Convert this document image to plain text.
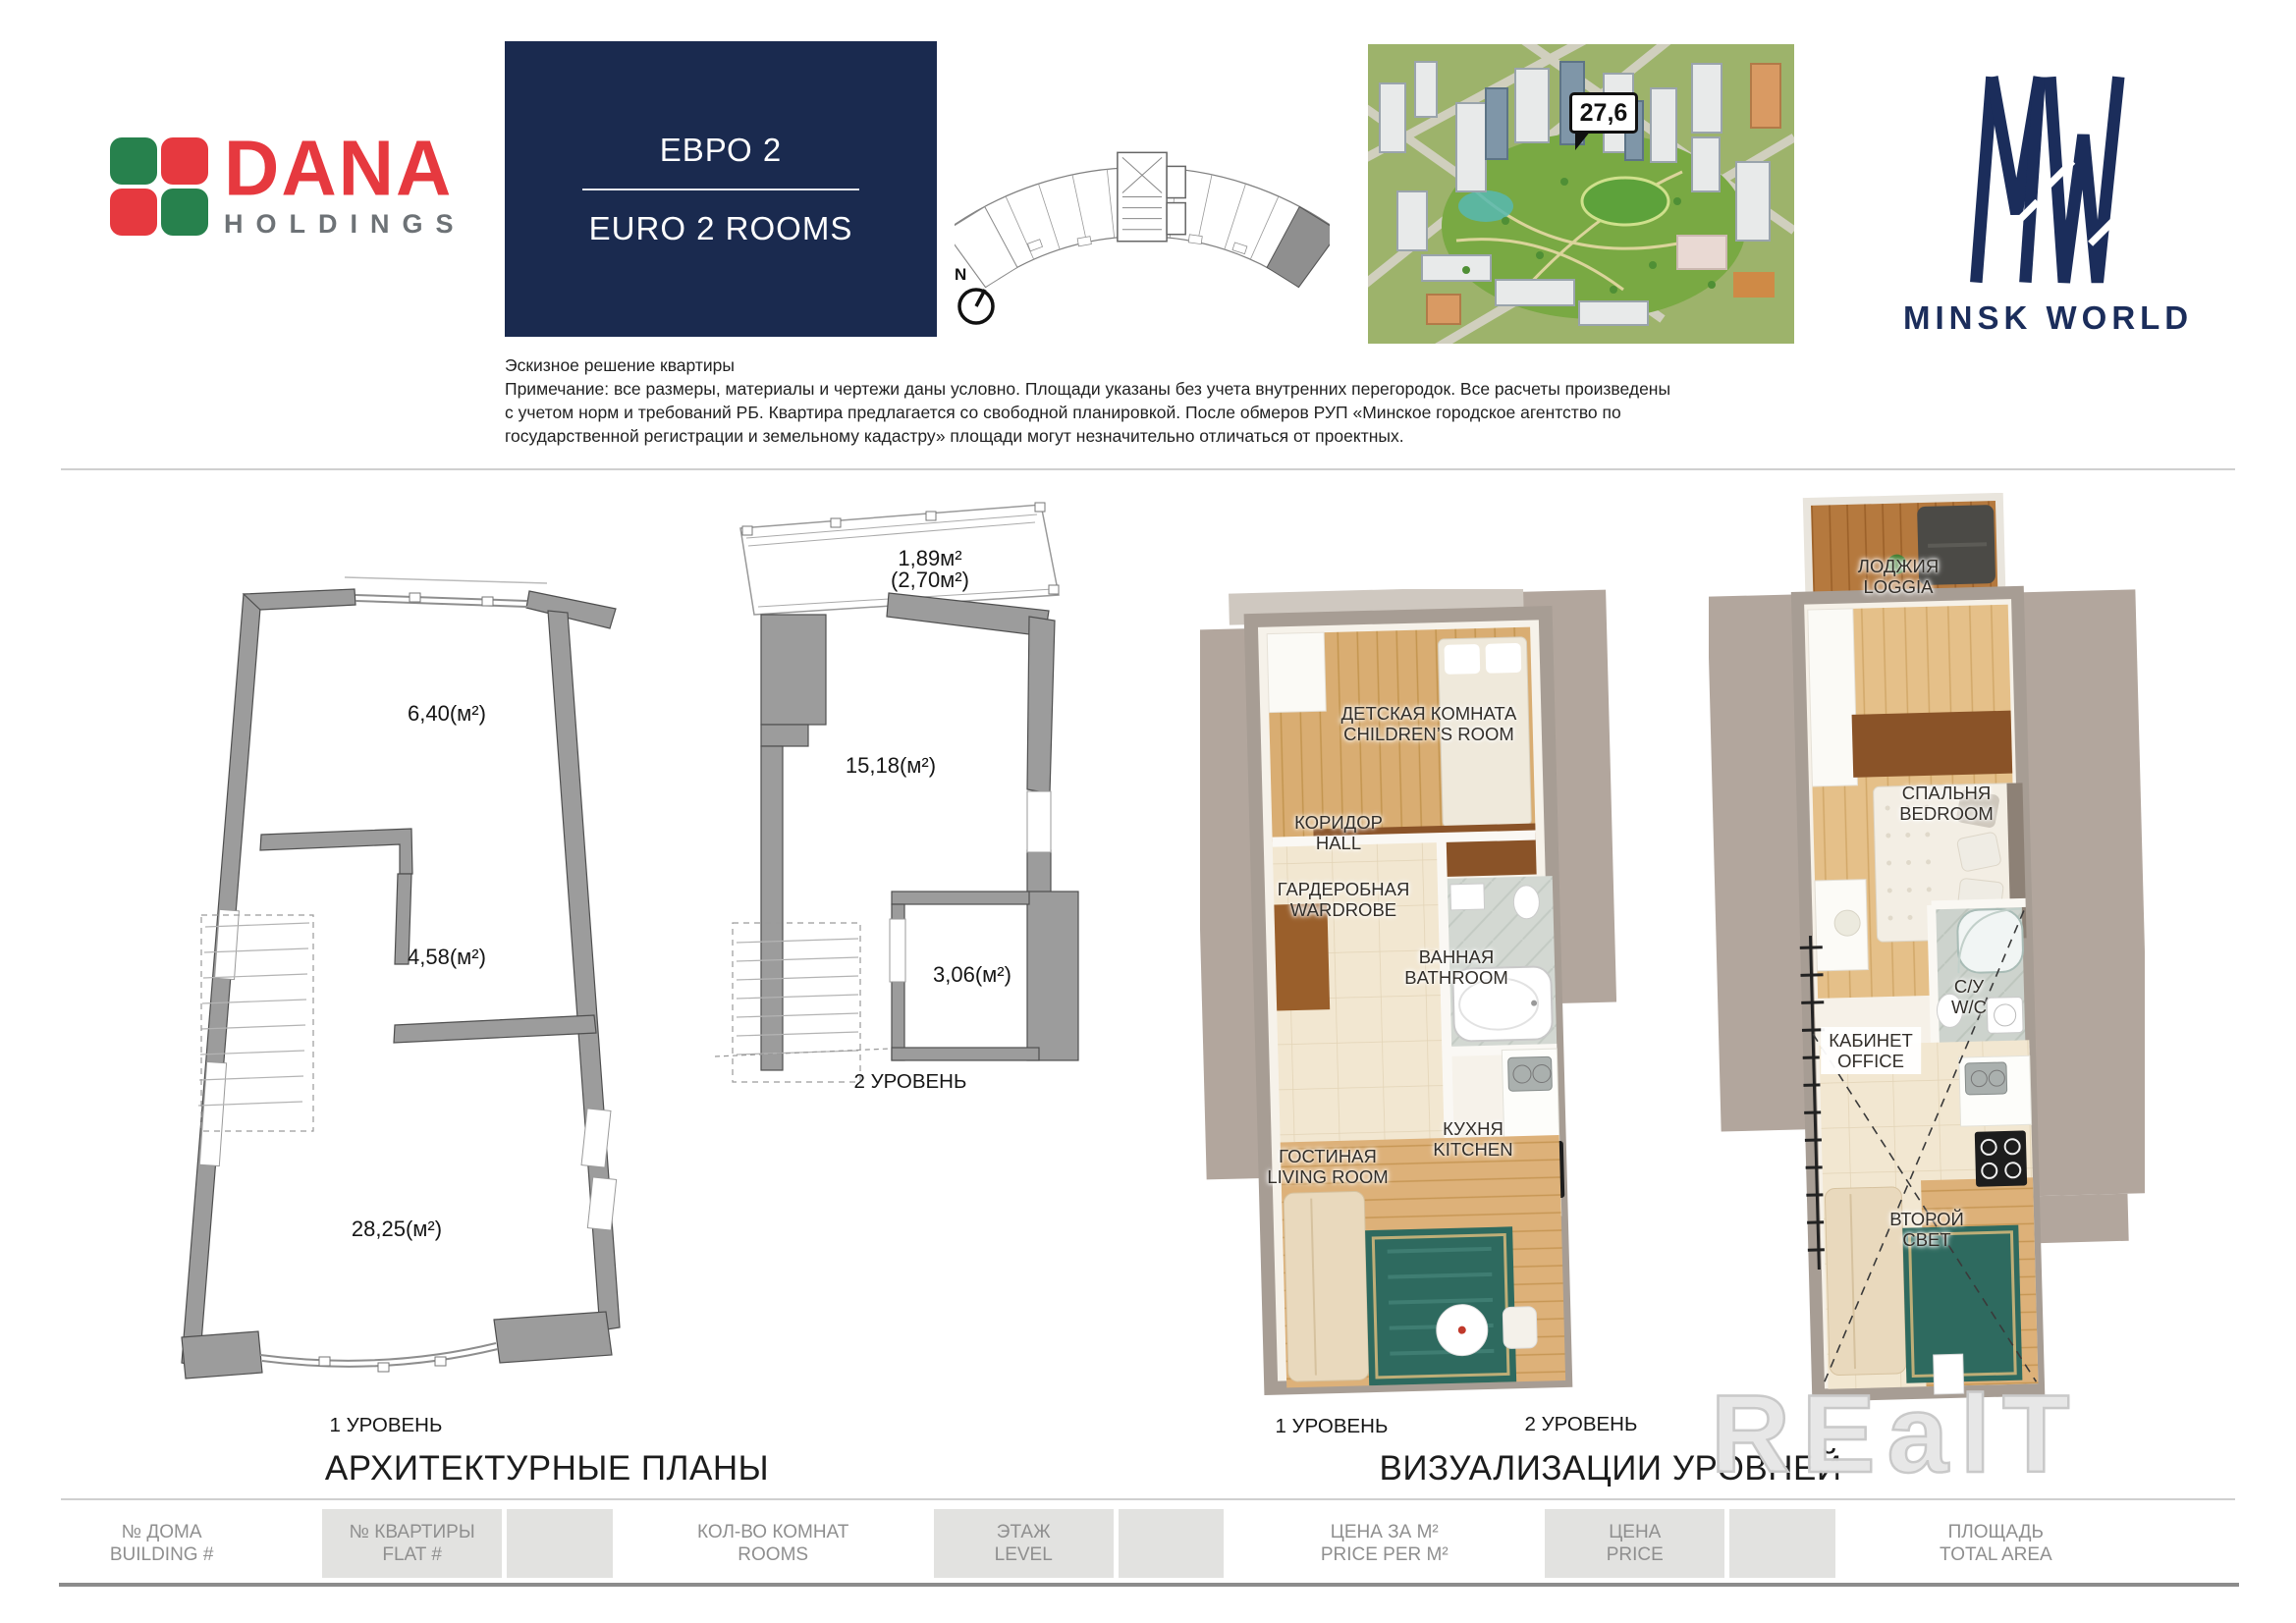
DANA
HOLDINGS
ЕВРО 2
EURO 2 ROOMS
N
27,6
MINSK WORLD
Эскизное решение квартиры
Примечание: все размеры, материалы и чертежи даны условно. Площади указаны без учета внутренних перегородок. Все расчеты произведены
с учетом норм и требований РБ. Квартира предлагается со свободной планировкой. После обмеров РУП «Минское городское агентство по
государственной регистрации и земельному кадастру» площади могут незначительно отличаться от проектных.
6,40(м²)
4,58(м²)
28,25(м²)
1,89м²
(2,70м²)
15,18(м²)
3,06(м²)
1 УРОВЕНЬ
2 УРОВЕНЬ
АРХИТЕКТУРНЫЕ ПЛАНЫ
ДЕТСКАЯ КОМНАТА
CHILDREN’S ROOM
КОРИДОР
HALL
ГАРДЕРОБНАЯ
WARDROBE
ВАННАЯ
BATHROOM
КУХНЯ
KITCHEN
ГОСТИНАЯ
LIVING ROOM
ЛОДЖИЯ
LOGGIA
СПАЛЬНЯ
BEDROOM
С/У
W/C
КАБИНЕТ
OFFICE
ВТОРОЙ
СВЕТ
1 УРОВЕНЬ	2 УРОВЕНЬ
ВИЗУАЛИЗАЦИИ УРОВНЕЙ
REalT
№ ДОМА
BUILDING #
№ КВАРТИРЫ
FLAT #
КОЛ-ВО КОМНАТ
ROOMS
ЭТАЖ
LEVEL
ЦЕНА ЗА М²
PRICE PER M²
ЦЕНА
PRICE
ПЛОЩАДЬ
TOTAL AREA
